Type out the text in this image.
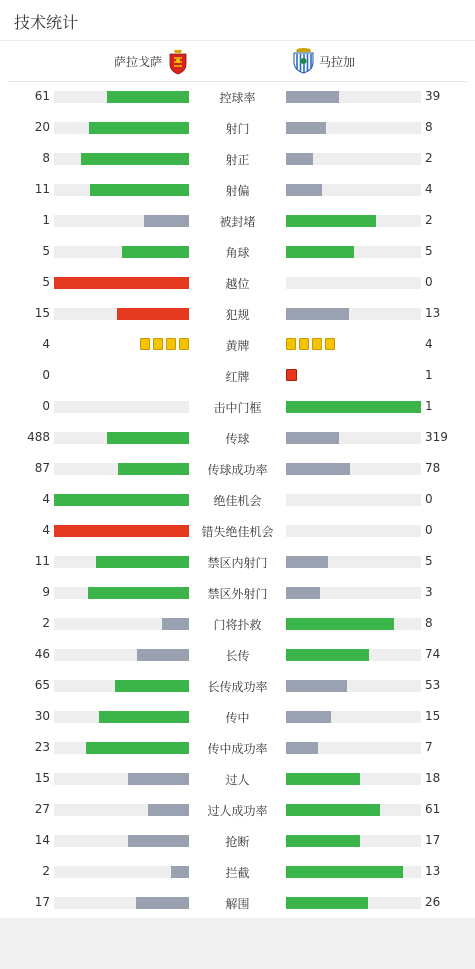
技术统计
萨拉戈萨	马拉加
61	控球率	39
20	射门	8
8	射正	2
11	射偏	4
1	被封堵	2
5	角球	5
5	越位	0
15	犯规	13
4	黄牌	4
0	红牌	1
0	击中门框	1
488	传球	319
87	传球成功率	78
4	绝佳机会	0
4	错失绝佳机会	0
11	禁区内射门	5
9	禁区外射门	3
2	门将扑救	8
46	长传	74
65	长传成功率	53
30	传中	15
23	传中成功率	7
15	过人	18
27	过人成功率	61
14	抢断	17
2	拦截	13
17	解围	26
